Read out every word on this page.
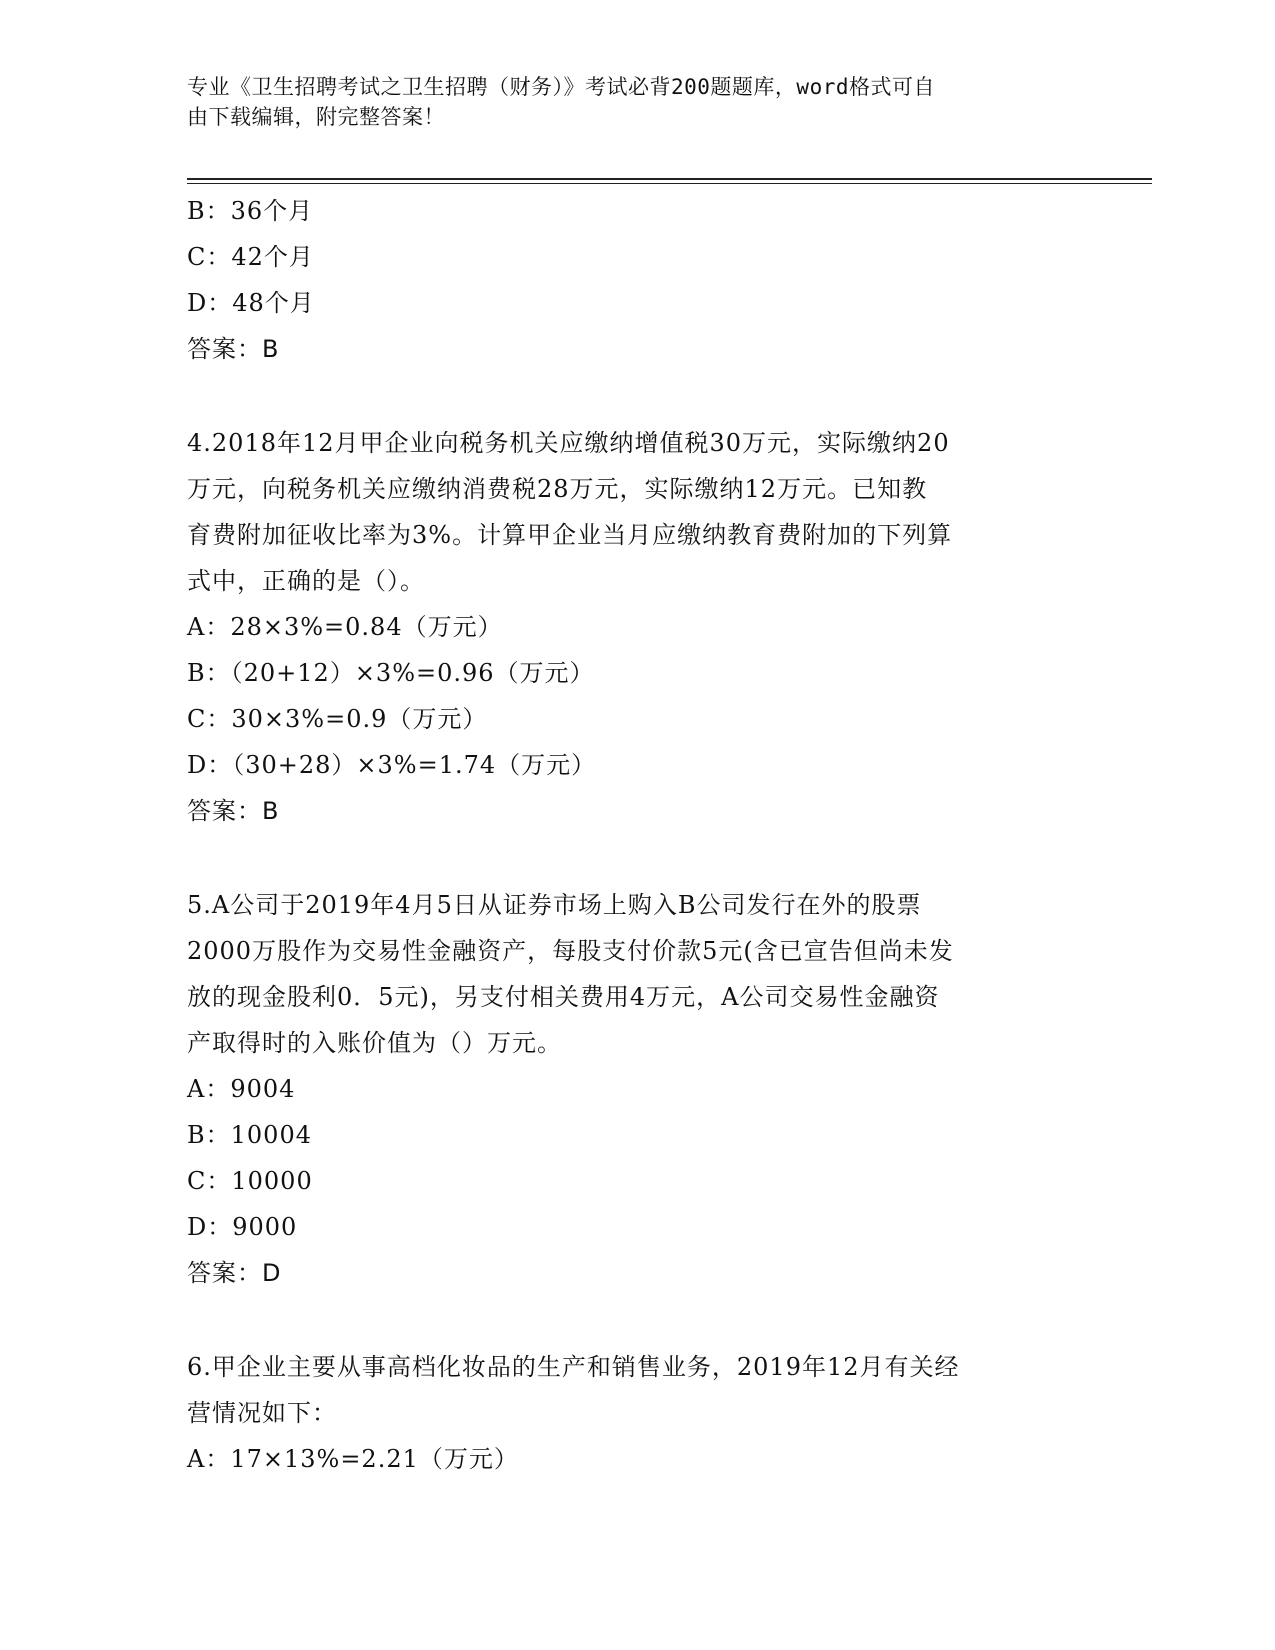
专业《卫生招聘考试之卫生招聘（财务）》考试必背200题题库，word格式可自
由下载编辑，附完整答案！
B：36个月
C：42个月
D：48个月
答案：B
4.2018年12月甲企业向税务机关应缴纳增值税30万元，实际缴纳20
万元，向税务机关应缴纳消费税28万元，实际缴纳12万元。已知教
育费附加征收比率为3%。计算甲企业当月应缴纳教育费附加的下列算
式中，正确的是（）。
A：28×3%=0.84（万元）
B：（20+12）×3%=0.96（万元）
C：30×3%=0.9（万元）
D：（30+28）×3%=1.74（万元）
答案：B
5.A公司于2019年4月5日从证券市场上购入B公司发行在外的股票
2000万股作为交易性金融资产，每股支付价款5元(含已宣告但尚未发
放的现金股利0．5元)，另支付相关费用4万元，A公司交易性金融资
产取得时的入账价值为（）万元。
A：9004
B：10004
C：10000
D：9000
答案：D
6.甲企业主要从事高档化妆品的生产和销售业务，2019年12月有关经
营情况如下：
A：17×13%=2.21（万元）
